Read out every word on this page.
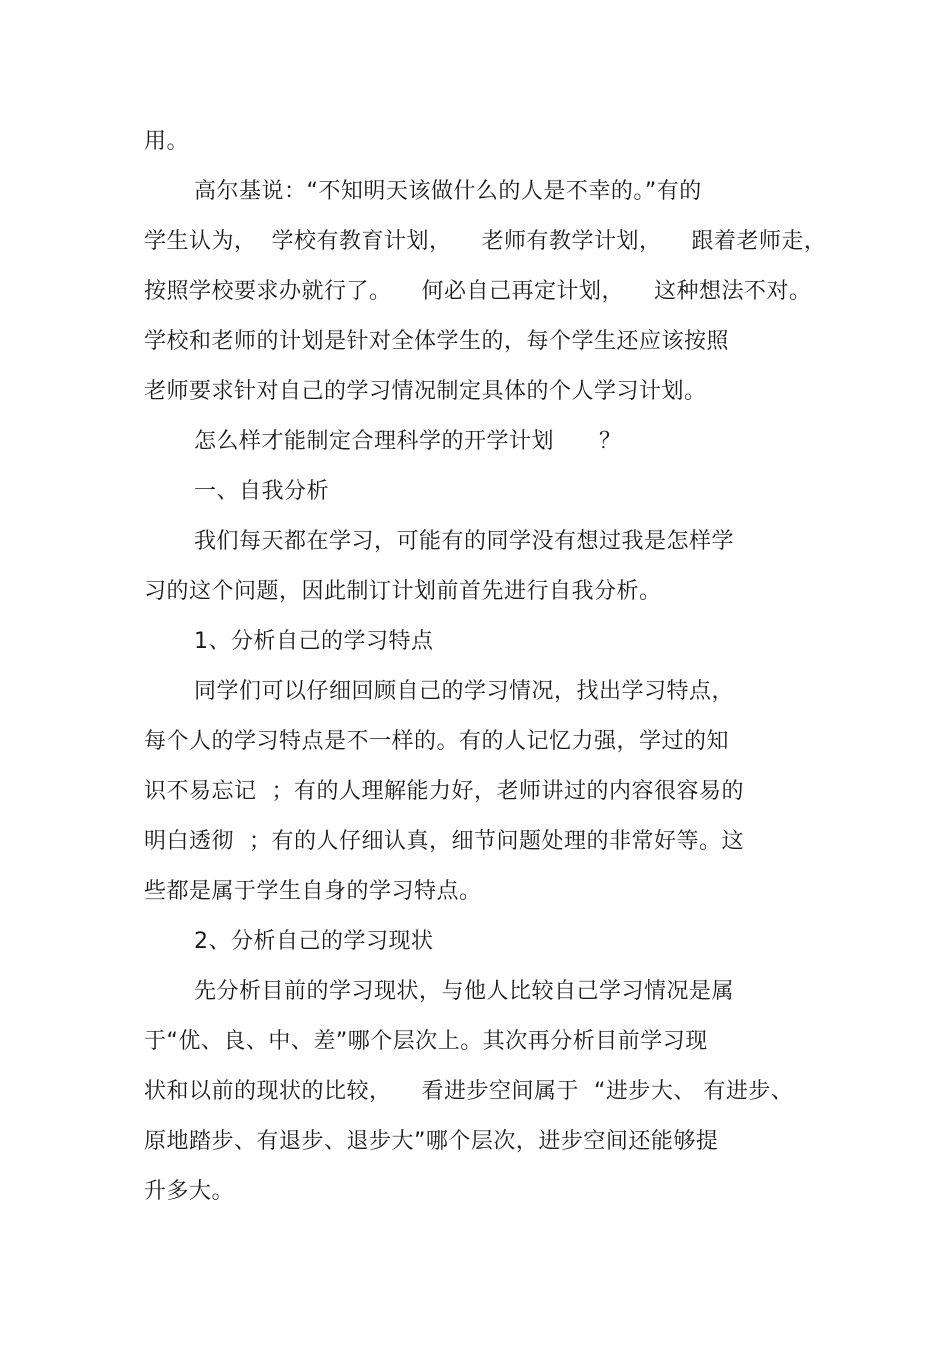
用。
高尔基说：“不知明天该做什么的人是不幸的。”有的
学生认为，  学校有教育计划，    老师有教学计划，    跟着老师走，
按照学校要求办就行了。    何必自己再定计划，    这种想法不对。
学校和老师的计划是针对全体学生的，每个学生还应该按照
老师要求针对自己的学习情况制定具体的个人学习计划。
怎么样才能制定合理科学的开学计划      ？
一、自我分析
我们每天都在学习，可能有的同学没有想过我是怎样学
习的这个问题，因此制订计划前首先进行自我分析。
1、分析自己的学习特点
同学们可以仔细回顾自己的学习情况，找出学习特点，
每个人的学习特点是不一样的。有的人记忆力强，学过的知
识不易忘记  ；有的人理解能力好，老师讲过的内容很容易的
明白透彻  ；有的人仔细认真，细节问题处理的非常好等。这
些都是属于学生自身的学习特点。
2、分析自己的学习现状
先分析目前的学习现状，与他人比较自己学习情况是属
于“优、良、中、差”哪个层次上。其次再分析目前学习现
状和以前的现状的比较，    看进步空间属于  “进步大、 有进步、
原地踏步、有退步、退步大”哪个层次，进步空间还能够提
升多大。
